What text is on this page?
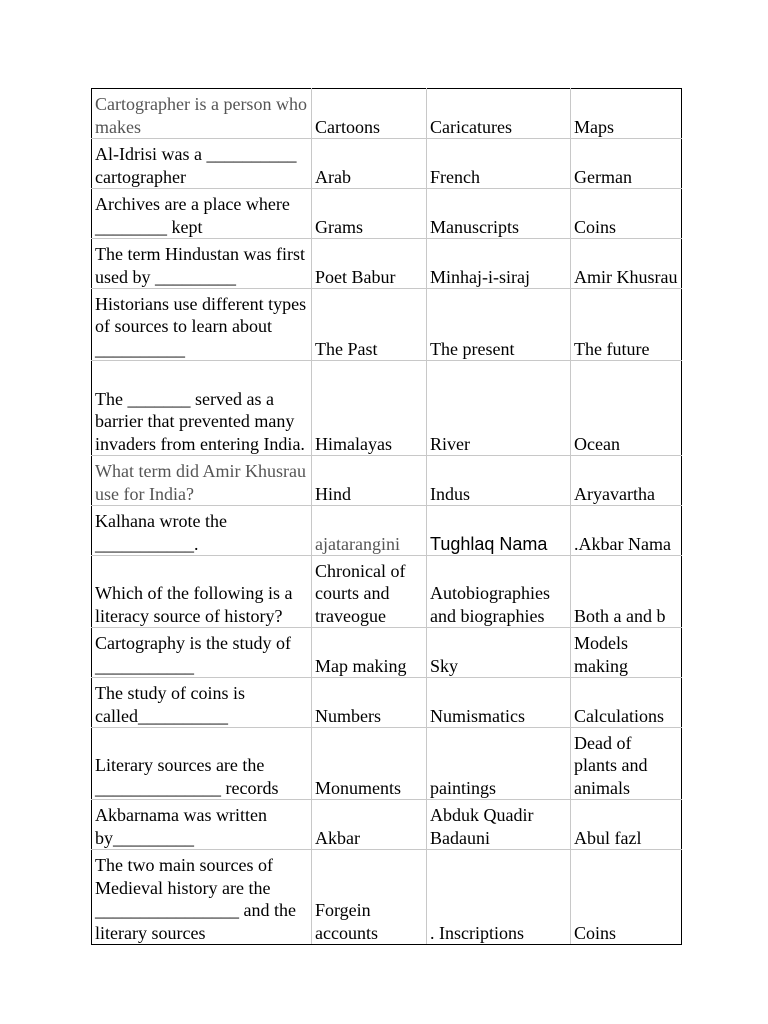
Cartographer is a person who makes	Cartoons	Caricatures	Maps
Al-Idrisi was a __________ cartographer	Arab	French	German
Archives are a place where ________ kept	Grams	Manuscripts	Coins
The term Hindustan was first used by _________	Poet Babur	Minhaj-i-siraj	Amir Khusrau
Historians use different types of sources to learn about __________	The Past	The present	The future
The _______ served as a barrier that prevented many invaders from entering India.	Himalayas	River	Ocean
What term did Amir Khusrau use for India?	Hind	Indus	Aryavartha
Kalhana wrote the ___________.	ajatarangini	Tughlaq Nama	.Akbar Nama
Which of the following is a literacy source of history?	Chronical of courts and traveogue	Autobiographies and biographies	Both a and b
Cartography is the study of ___________	Map making	Sky	Models making
The study of coins is called__________	Numbers	Numismatics	Calculations
Literary sources are the ______________ records	Monuments	paintings	Dead of plants and animals
Akbarnama was written by_________	Akbar	Abduk Quadir Badauni	Abul fazl
The two main sources of Medieval history are the ________________ and the literary sources	Forgein accounts	. Inscriptions	Coins
